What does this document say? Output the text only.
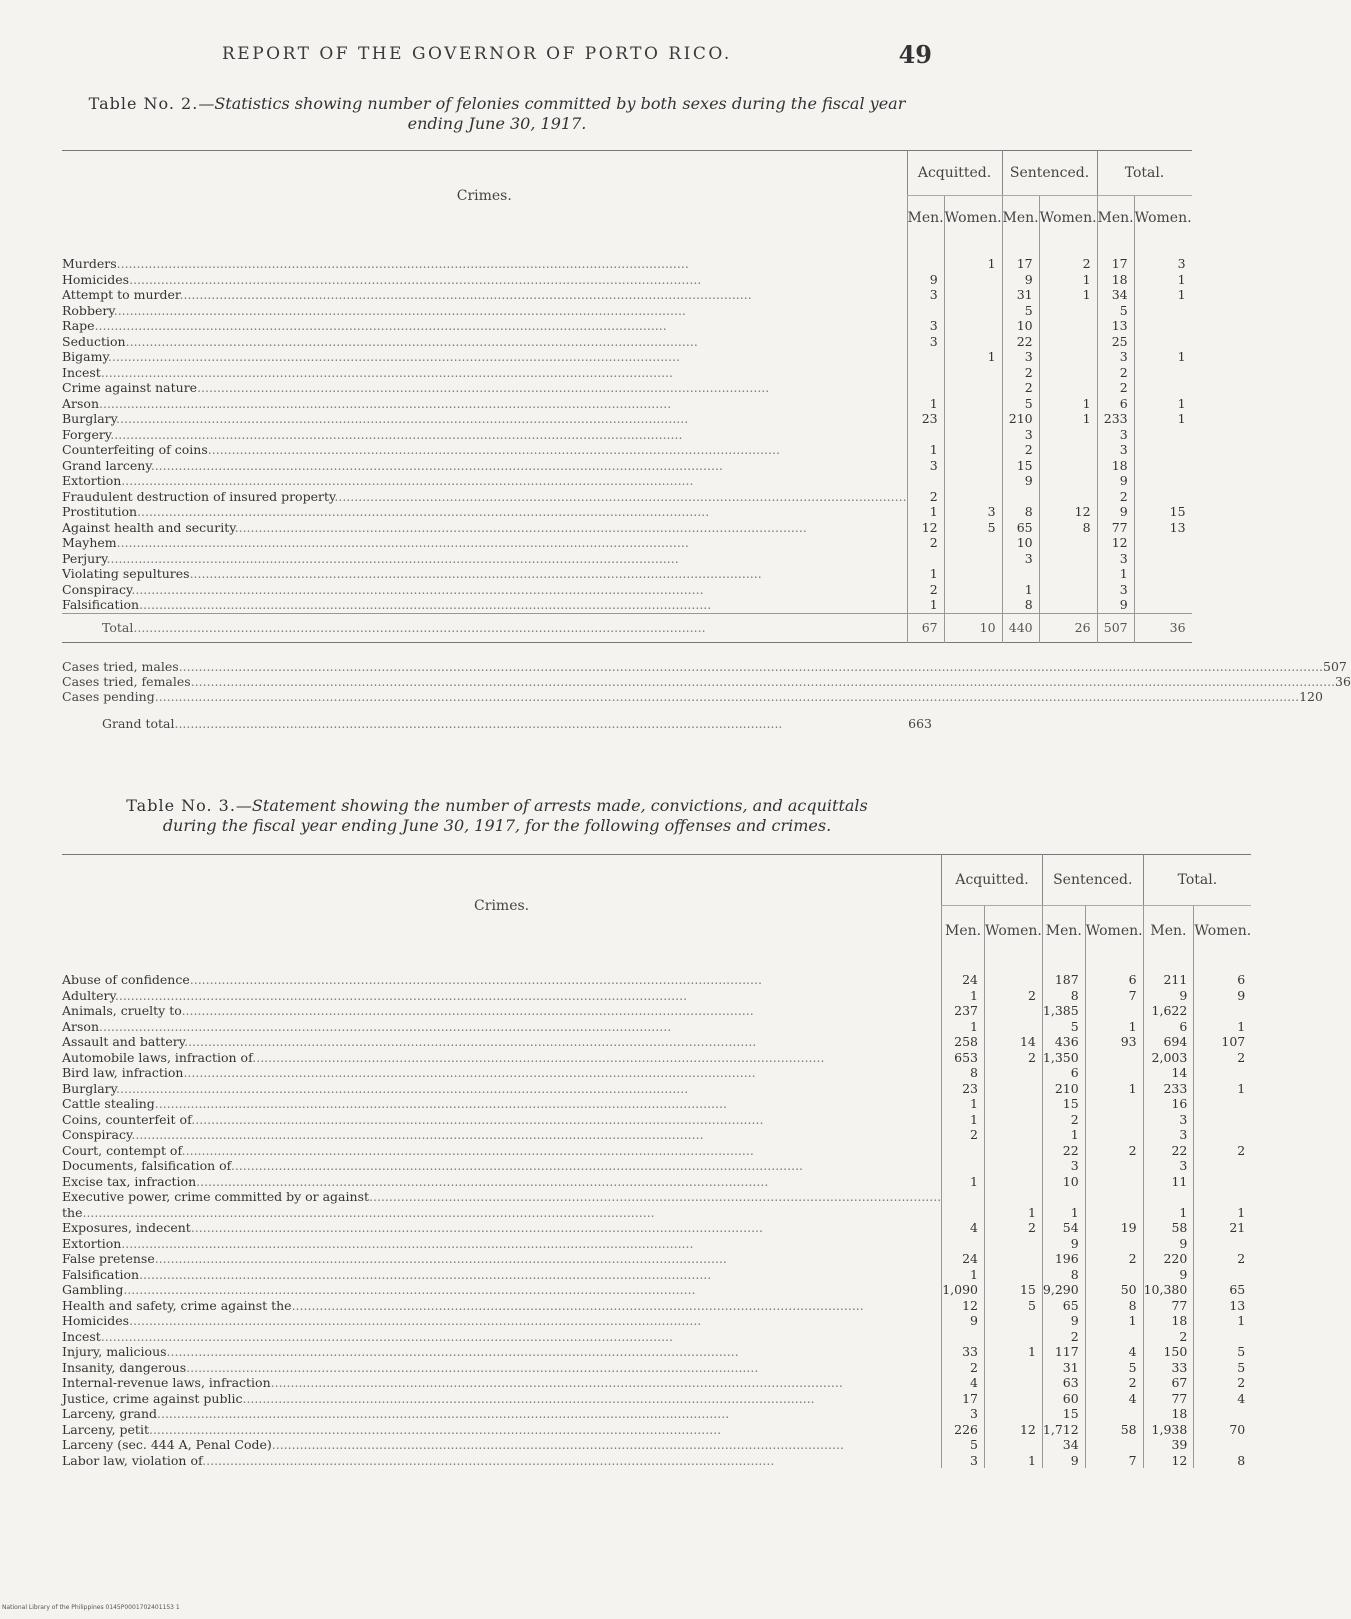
REPORT OF THE GOVERNOR OF PORTO RICO.	49
Table No. 2.—Statistics showing number of felonies committed by both sexes during the fiscal year ending June 30, 1917.
Crimes.	Acquitted.		Sentenced.		Total.	
	Men.	Women.	Men.	Women.	Men.	Women.
Murders................................................................................................................................................		1	17	2	17	3
Homicides................................................................................................................................................	9		9	1	18	1
Attempt to murder................................................................................................................................................	3		31	1	34	1
Robbery................................................................................................................................................			5		5	
Rape................................................................................................................................................	3		10		13	
Seduction................................................................................................................................................	3		22		25	
Bigamy................................................................................................................................................		1	3		3	1
Incest................................................................................................................................................			2		2	
Crime against nature................................................................................................................................................			2		2	
Arson................................................................................................................................................	1		5	1	6	1
Burglary................................................................................................................................................	23		210	1	233	1
Forgery................................................................................................................................................			3		3	
Counterfeiting of coins................................................................................................................................................	1		2		3	
Grand larceny................................................................................................................................................	3		15		18	
Extortion................................................................................................................................................			9		9	
Fraudulent destruction of insured property................................................................................................................................................	2				2	
Prostitution................................................................................................................................................	1	3	8	12	9	15
Against health and security................................................................................................................................................	12	5	65	8	77	13
Mayhem................................................................................................................................................	2		10		12	
Perjury................................................................................................................................................			3		3	
Violating sepultures................................................................................................................................................	1				1	
Conspiracy................................................................................................................................................	2		1		3	
Falsification................................................................................................................................................	1		8		9	
Total................................................................................................................................................	67	10	440	26	507	36
Cases tried, males................................................................................................................................................................................................................................................................................................ 507
Cases tried, females................................................................................................................................................................................................................................................................................................ 36
Cases pending................................................................................................................................................................................................................................................................................................ 120
Grand total.........................................................................................................................................................	663
Table No. 3.—Statement showing the number of arrests made, convictions, and acquittals
during the fiscal year ending June 30, 1917, for the following offenses and crimes.
Crimes.	Acquitted.		Sentenced.		Total.	
	Men.	Women.	Men.	Women.	Men.	Women.
Abuse of confidence................................................................................................................................................	24		187	6	211	6
Adultery................................................................................................................................................	1	2	8	7	9	9
Animals, cruelty to................................................................................................................................................	237		1,385		1,622	
Arson................................................................................................................................................	1		5	1	6	1
Assault and battery................................................................................................................................................	258	14	436	93	694	107
Automobile laws, infraction of................................................................................................................................................	653	2	1,350		2,003	2
Bird law, infraction................................................................................................................................................	8		6		14	
Burglary................................................................................................................................................	23		210	1	233	1
Cattle stealing................................................................................................................................................	1		15		16	
Coins, counterfeit of................................................................................................................................................	1		2		3	
Conspiracy................................................................................................................................................	2		1		3	
Court, contempt of................................................................................................................................................			22	2	22	2
Documents, falsification of................................................................................................................................................			3		3	
Excise tax, infraction................................................................................................................................................	1		10		11	
Executive power, crime committed by or against................................................................................................................................................						
the................................................................................................................................................		1	1		1	1
Exposures, indecent................................................................................................................................................	4	2	54	19	58	21
Extortion................................................................................................................................................			9		9	
False pretense................................................................................................................................................	24		196	2	220	2
Falsification................................................................................................................................................	1		8		9	
Gambling................................................................................................................................................	1,090	15	9,290	50	10,380	65
Health and safety, crime against the................................................................................................................................................	12	5	65	8	77	13
Homicides................................................................................................................................................	9		9	1	18	1
Incest................................................................................................................................................			2		2	
Injury, malicious................................................................................................................................................	33	1	117	4	150	5
Insanity, dangerous................................................................................................................................................	2		31	5	33	5
Internal-revenue laws, infraction................................................................................................................................................	4		63	2	67	2
Justice, crime against public................................................................................................................................................	17		60	4	77	4
Larceny, grand................................................................................................................................................	3		15		18	
Larceny, petit................................................................................................................................................	226	12	1,712	58	1,938	70
Larceny (sec. 444 A, Penal Code)................................................................................................................................................	5		34		39	
Labor law, violation of................................................................................................................................................	3	1	9	7	12	8
National Library of the Philippines 0145P0001702401153 1
